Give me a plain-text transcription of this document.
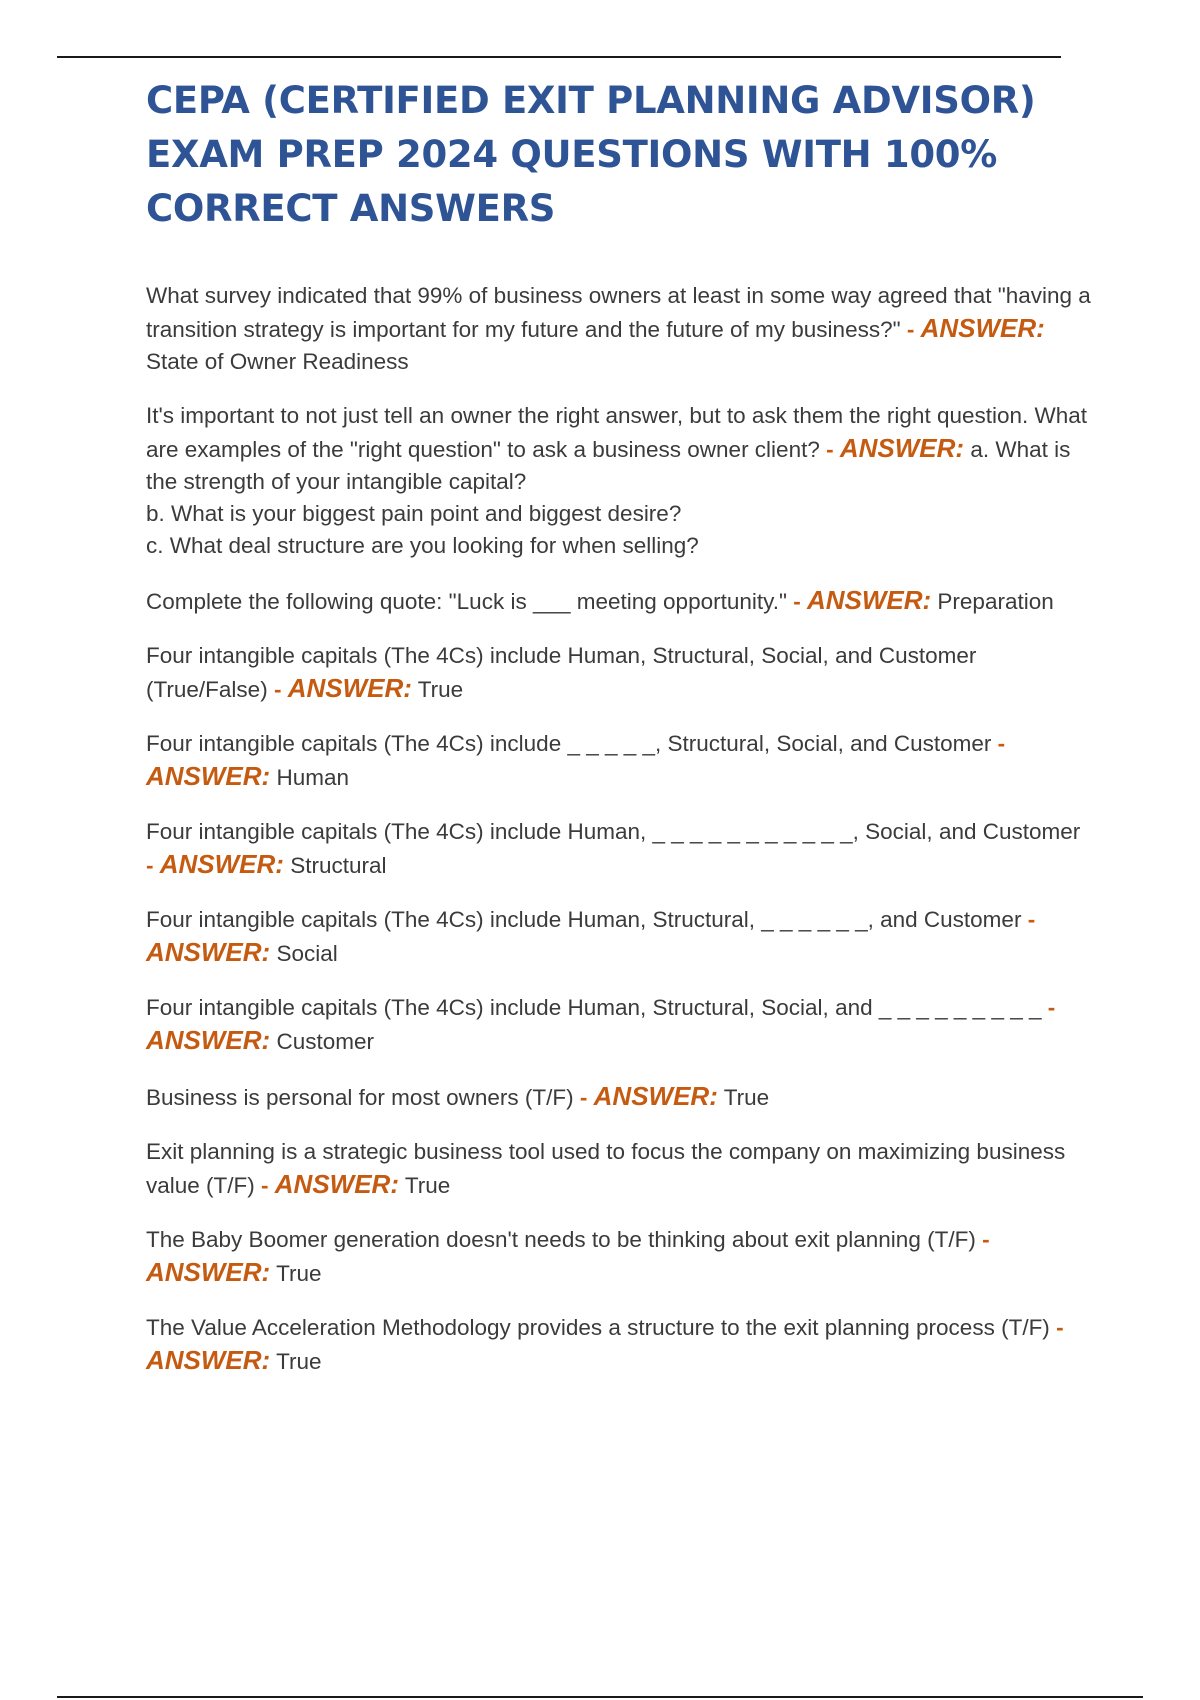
CEPA (CERTIFIED EXIT PLANNING ADVISOR) EXAM PREP 2024 QUESTIONS WITH 100% CORRECT ANSWERS

What survey indicated that 99% of business owners at least in some way agreed that "having a transition strategy is important for my future and the future of my business?" - ANSWER: State of Owner Readiness

It's important to not just tell an owner the right answer, but to ask them the right question. What are examples of the "right question" to ask a business owner client? - ANSWER: a. What is the strength of your intangible capital?
b. What is your biggest pain point and biggest desire?
c. What deal structure are you looking for when selling?

Complete the following quote: "Luck is ___ meeting opportunity." - ANSWER: Preparation

Four intangible capitals (The 4Cs) include Human, Structural, Social, and Customer (True/False) - ANSWER: True

Four intangible capitals (The 4Cs) include _ _ _ _ _, Structural, Social, and Customer - ANSWER: Human

Four intangible capitals (The 4Cs) include Human, _ _ _ _ _ _ _ _ _ _ _, Social, and Customer - ANSWER: Structural

Four intangible capitals (The 4Cs) include Human, Structural, _ _ _ _ _ _, and Customer - ANSWER: Social

Four intangible capitals (The 4Cs) include Human, Structural, Social, and _ _ _ _ _ _ _ _ _ - ANSWER: Customer

Business is personal for most owners (T/F) - ANSWER: True

Exit planning is a strategic business tool used to focus the company on maximizing business value (T/F) - ANSWER: True

The Baby Boomer generation doesn't needs to be thinking about exit planning (T/F) - ANSWER: True

The Value Acceleration Methodology provides a structure to the exit planning process (T/F) - ANSWER: True
